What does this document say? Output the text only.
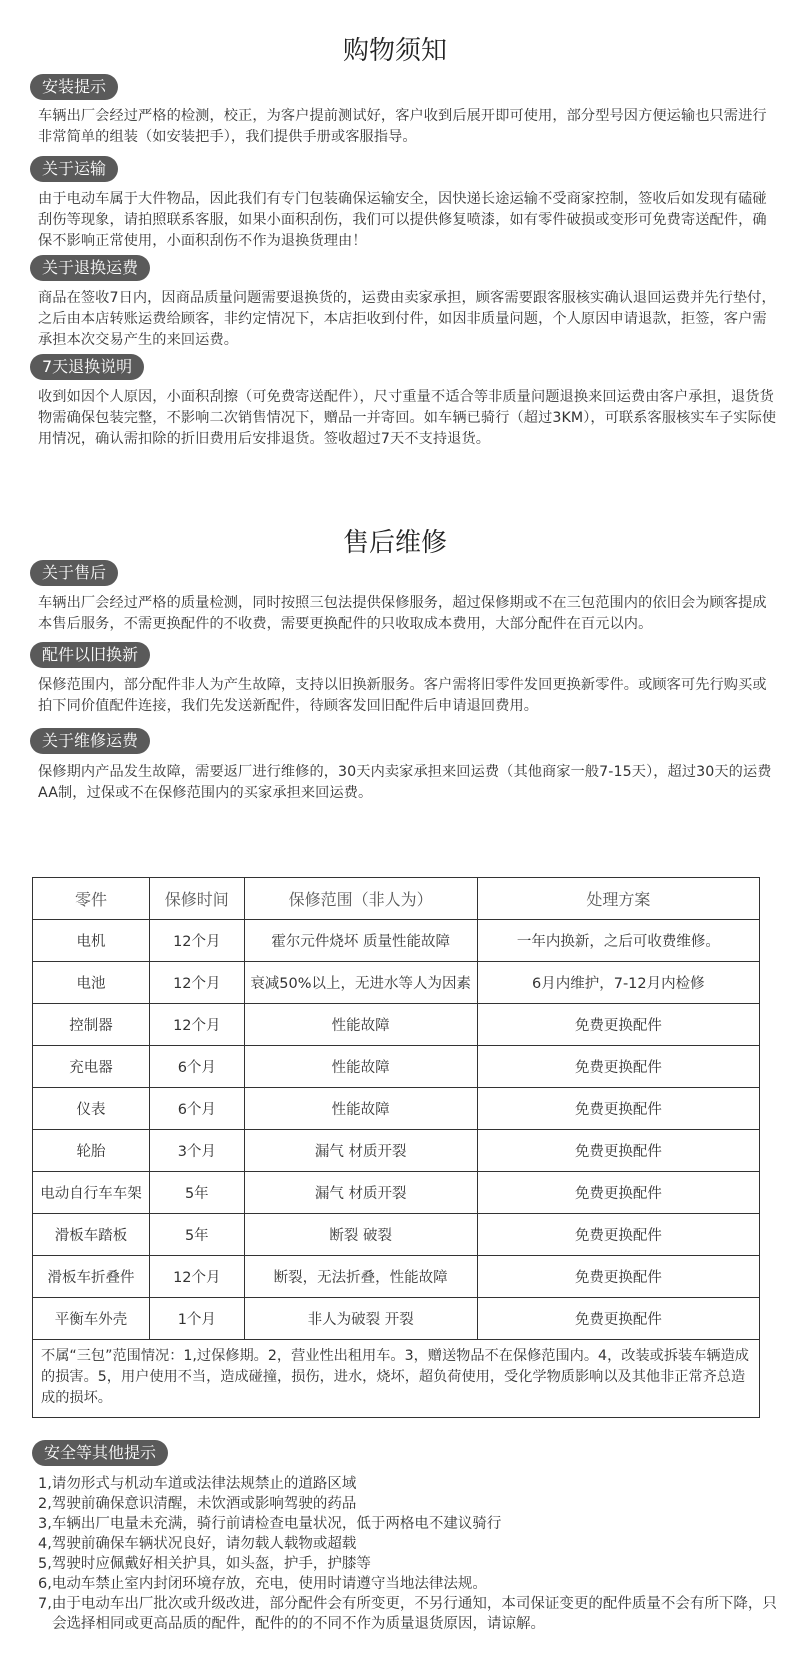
购物须知
安装提示

车辆出厂会经过严格的检测，校正，为客户提前测试好，客户收到后展开即可使用，部分型号因方便运输也只需进行非常简单的组装（如安装把手），我们提供手册或客服指导。

关于运输

由于电动车属于大件物品，因此我们有专门包装确保运输安全，因快递长途运输不受商家控制，签收后如发现有磕碰刮伤等现象，请拍照联系客服，如果小面积刮伤，我们可以提供修复喷漆，如有零件破损或变形可免费寄送配件，确保不影响正常使用，小面积刮伤不作为退换货理由！

关于退换运费

商品在签收7日内，因商品质量问题需要退换货的，运费由卖家承担，顾客需要跟客服核实确认退回运费并先行垫付，之后由本店转账运费给顾客，非约定情况下，本店拒收到付件，如因非质量问题，个人原因申请退款，拒签，客户需承担本次交易产生的来回运费。

7天退换说明

收到如因个人原因，小面积刮擦（可免费寄送配件），尺寸重量不适合等非质量问题退换来回运费由客户承担，退货货物需确保包装完整，不影响二次销售情况下，赠品一并寄回。如车辆已骑行（超过3KM），可联系客服核实车子实际使用情况，确认需扣除的折旧费用后安排退货。签收超过7天不支持退货。

售后维修
关于售后

车辆出厂会经过严格的质量检测，同时按照三包法提供保修服务，超过保修期或不在三包范围内的依旧会为顾客提成本售后服务，不需更换配件的不收费，需要更换配件的只收取成本费用，大部分配件在百元以内。

配件以旧换新

保修范围内，部分配件非人为产生故障，支持以旧换新服务。客户需将旧零件发回更换新零件。或顾客可先行购买或拍下同价值配件连接，我们先发送新配件，待顾客发回旧配件后申请退回费用。

关于维修运费

保修期内产品发生故障，需要返厂进行维修的，30天内卖家承担来回运费（其他商家一般7-15天），超过30天的运费AA制，过保或不在保修范围内的买家承担来回运费。

零件	保修时间	保修范围（非人为）	处理方案
电机	12个月	霍尔元件烧坏 质量性能故障	一年内换新，之后可收费维修。
电池	12个月	衰减50%以上，无进水等人为因素	6月内维护，7-12月内检修
控制器	12个月	性能故障	免费更换配件
充电器	6个月	性能故障	免费更换配件
仪表	6个月	性能故障	免费更换配件
轮胎	3个月	漏气 材质开裂	免费更换配件
电动自行车车架	5年	漏气 材质开裂	免费更换配件
滑板车踏板	5年	断裂 破裂	免费更换配件
滑板车折叠件	12个月	断裂，无法折叠，性能故障	免费更换配件
平衡车外壳	1个月	非人为破裂 开裂	免费更换配件
不属“三包”范围情况：1,过保修期。2，营业性出租用车。3，赠送物品不在保修范围内。4，改装或拆装车辆造成的损害。5，用户使用不当，造成碰撞，损伤，进水，烧坏，超负荷使用，受化学物质影响以及其他非正常齐总造成的损坏。			
安全等其他提示
1,请勿形式与机动车道或法律法规禁止的道路区域
2,驾驶前确保意识清醒，未饮酒或影响驾驶的药品
3,车辆出厂电量未充满，骑行前请检查电量状况，低于两格电不建议骑行
4,驾驶前确保车辆状况良好，请勿载人载物或超载
5,驾驶时应佩戴好相关护具，如头盔，护手，护膝等
6,电动车禁止室内封闭环境存放，充电，使用时请遵守当地法律法规。
7,由于电动车出厂批次或升级改进，部分配件会有所变更，不另行通知，本司保证变更的配件质量不会有所下降，只会选择相同或更高品质的配件，配件的的不同不作为质量退货原因，请谅解。
